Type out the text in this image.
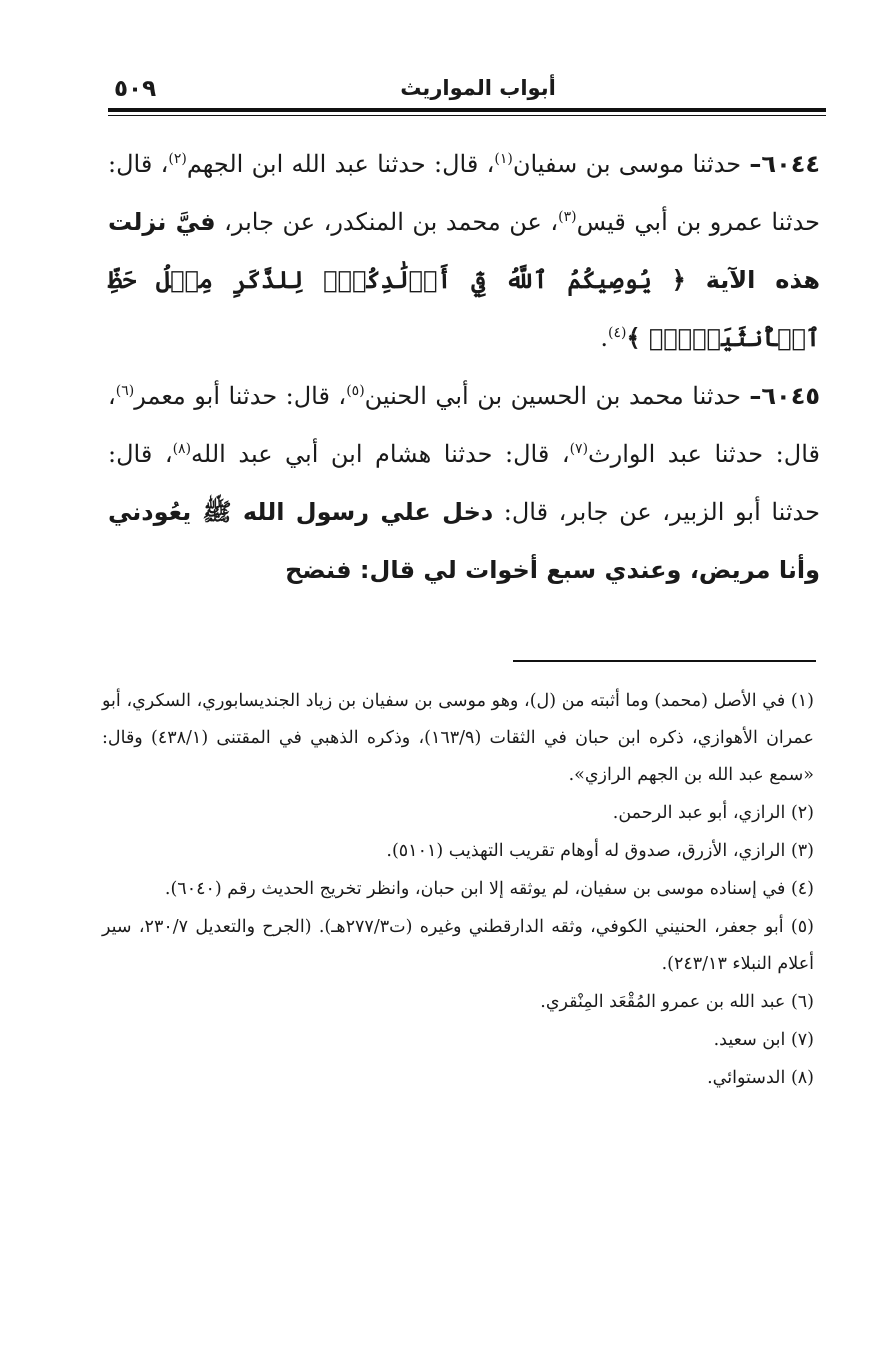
٥٠٩	أبواب المواريث

٦٠٤٤– حدثنا موسى بن سفيان$^{(١)}$، قال: حدثنا عبد الله ابن الجهم$^{(٢)}$، قال: حدثنا عمرو بن أبي قيس$^{(٣)}$، عن محمد بن المنكدر، عن جابر، فيَّ نزلت هذه الآية ﴿ يُوصِيكُمُ ٱللَّهُ فِيٓ أَوۡلَٰدِكُمۡۖ لِلذَّكَرِ مِثۡلُ حَظِّ ٱلۡأُنثَيَيۡنِۚ ﴾$^{(٤)}$.

٦٠٤٥– حدثنا محمد بن الحسين بن أبي الحنين$^{(٥)}$، قال: حدثنا أبو معمر$^{(٦)}$، قال: حدثنا عبد الوارث$^{(٧)}$، قال: حدثنا هشام ابن أبي عبد الله$^{(٨)}$، قال: حدثنا أبو الزبير، عن جابر، قال: دخل علي رسول الله ﷺ يعُودني وأنا مريض، وعندي سبع أخوات لي قال: فنضح

(١) في الأصل (محمد) وما أثبته من (ل)، وهو موسى بن سفيان بن زياد الجنديسابوري، السكري، أبو عمران الأهوازي، ذكره ابن حبان في الثقات (١٦٣/٩)، وذكره الذهبي في المقتنى (٤٣٨/١) وقال: «سمع عبد الله بن الجهم الرازي».

(٢) الرازي، أبو عبد الرحمن.

(٣) الرازي، الأزرق، صدوق له أوهام تقريب التهذيب (٥١٠١).

(٤) في إسناده موسى بن سفيان، لم يوثقه إلا ابن حبان، وانظر تخريج الحديث رقم (٦٠٤٠).

(٥) أبو جعفر، الحنيني الكوفي، وثقه الدارقطني وغيره (ت٢٧٧/٣هـ). (الجرح والتعديل ٢٣٠/٧، سير أعلام النبلاء ٢٤٣/١٣).

(٦) عبد الله بن عمرو المُقْعَد المِنْقري.

(٧) ابن سعيد.

(٨) الدستوائي.
